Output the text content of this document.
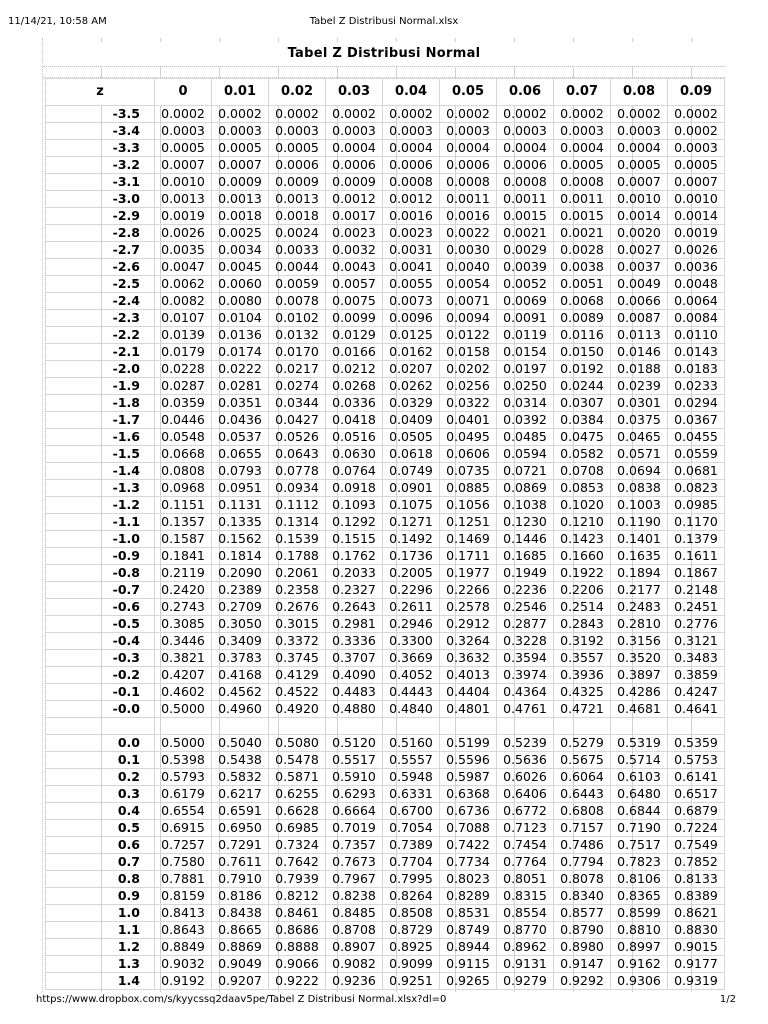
11/14/21, 10:58 AM	Tabel Z Distribusi Normal.xlsx
Tabel Z Distribusi Normal
z	0	0.01	0.02	0.03	0.04	0.05	0.06	0.07	0.08	0.09
-3.5	0.0002	0.0002	0.0002	0.0002	0.0002	0.0002	0.0002	0.0002	0.0002	0.0002
-3.4	0.0003	0.0003	0.0003	0.0003	0.0003	0.0003	0.0003	0.0003	0.0003	0.0002
-3.3	0.0005	0.0005	0.0005	0.0004	0.0004	0.0004	0.0004	0.0004	0.0004	0.0003
-3.2	0.0007	0.0007	0.0006	0.0006	0.0006	0.0006	0.0006	0.0005	0.0005	0.0005
-3.1	0.0010	0.0009	0.0009	0.0009	0.0008	0.0008	0.0008	0.0008	0.0007	0.0007
-3.0	0.0013	0.0013	0.0013	0.0012	0.0012	0.0011	0.0011	0.0011	0.0010	0.0010
-2.9	0.0019	0.0018	0.0018	0.0017	0.0016	0.0016	0.0015	0.0015	0.0014	0.0014
-2.8	0.0026	0.0025	0.0024	0.0023	0.0023	0.0022	0.0021	0.0021	0.0020	0.0019
-2.7	0.0035	0.0034	0.0033	0.0032	0.0031	0.0030	0.0029	0.0028	0.0027	0.0026
-2.6	0.0047	0.0045	0.0044	0.0043	0.0041	0.0040	0.0039	0.0038	0.0037	0.0036
-2.5	0.0062	0.0060	0.0059	0.0057	0.0055	0.0054	0.0052	0.0051	0.0049	0.0048
-2.4	0.0082	0.0080	0.0078	0.0075	0.0073	0.0071	0.0069	0.0068	0.0066	0.0064
-2.3	0.0107	0.0104	0.0102	0.0099	0.0096	0.0094	0.0091	0.0089	0.0087	0.0084
-2.2	0.0139	0.0136	0.0132	0.0129	0.0125	0.0122	0.0119	0.0116	0.0113	0.0110
-2.1	0.0179	0.0174	0.0170	0.0166	0.0162	0.0158	0.0154	0.0150	0.0146	0.0143
-2.0	0.0228	0.0222	0.0217	0.0212	0.0207	0.0202	0.0197	0.0192	0.0188	0.0183
-1.9	0.0287	0.0281	0.0274	0.0268	0.0262	0.0256	0.0250	0.0244	0.0239	0.0233
-1.8	0.0359	0.0351	0.0344	0.0336	0.0329	0.0322	0.0314	0.0307	0.0301	0.0294
-1.7	0.0446	0.0436	0.0427	0.0418	0.0409	0.0401	0.0392	0.0384	0.0375	0.0367
-1.6	0.0548	0.0537	0.0526	0.0516	0.0505	0.0495	0.0485	0.0475	0.0465	0.0455
-1.5	0.0668	0.0655	0.0643	0.0630	0.0618	0.0606	0.0594	0.0582	0.0571	0.0559
-1.4	0.0808	0.0793	0.0778	0.0764	0.0749	0.0735	0.0721	0.0708	0.0694	0.0681
-1.3	0.0968	0.0951	0.0934	0.0918	0.0901	0.0885	0.0869	0.0853	0.0838	0.0823
-1.2	0.1151	0.1131	0.1112	0.1093	0.1075	0.1056	0.1038	0.1020	0.1003	0.0985
-1.1	0.1357	0.1335	0.1314	0.1292	0.1271	0.1251	0.1230	0.1210	0.1190	0.1170
-1.0	0.1587	0.1562	0.1539	0.1515	0.1492	0.1469	0.1446	0.1423	0.1401	0.1379
-0.9	0.1841	0.1814	0.1788	0.1762	0.1736	0.1711	0.1685	0.1660	0.1635	0.1611
-0.8	0.2119	0.2090	0.2061	0.2033	0.2005	0.1977	0.1949	0.1922	0.1894	0.1867
-0.7	0.2420	0.2389	0.2358	0.2327	0.2296	0.2266	0.2236	0.2206	0.2177	0.2148
-0.6	0.2743	0.2709	0.2676	0.2643	0.2611	0.2578	0.2546	0.2514	0.2483	0.2451
-0.5	0.3085	0.3050	0.3015	0.2981	0.2946	0.2912	0.2877	0.2843	0.2810	0.2776
-0.4	0.3446	0.3409	0.3372	0.3336	0.3300	0.3264	0.3228	0.3192	0.3156	0.3121
-0.3	0.3821	0.3783	0.3745	0.3707	0.3669	0.3632	0.3594	0.3557	0.3520	0.3483
-0.2	0.4207	0.4168	0.4129	0.4090	0.4052	0.4013	0.3974	0.3936	0.3897	0.3859
-0.1	0.4602	0.4562	0.4522	0.4483	0.4443	0.4404	0.4364	0.4325	0.4286	0.4247
-0.0	0.5000	0.4960	0.4920	0.4880	0.4840	0.4801	0.4761	0.4721	0.4681	0.4641

0.0	0.5000	0.5040	0.5080	0.5120	0.5160	0.5199	0.5239	0.5279	0.5319	0.5359
0.1	0.5398	0.5438	0.5478	0.5517	0.5557	0.5596	0.5636	0.5675	0.5714	0.5753
0.2	0.5793	0.5832	0.5871	0.5910	0.5948	0.5987	0.6026	0.6064	0.6103	0.6141
0.3	0.6179	0.6217	0.6255	0.6293	0.6331	0.6368	0.6406	0.6443	0.6480	0.6517
0.4	0.6554	0.6591	0.6628	0.6664	0.6700	0.6736	0.6772	0.6808	0.6844	0.6879
0.5	0.6915	0.6950	0.6985	0.7019	0.7054	0.7088	0.7123	0.7157	0.7190	0.7224
0.6	0.7257	0.7291	0.7324	0.7357	0.7389	0.7422	0.7454	0.7486	0.7517	0.7549
0.7	0.7580	0.7611	0.7642	0.7673	0.7704	0.7734	0.7764	0.7794	0.7823	0.7852
0.8	0.7881	0.7910	0.7939	0.7967	0.7995	0.8023	0.8051	0.8078	0.8106	0.8133
0.9	0.8159	0.8186	0.8212	0.8238	0.8264	0.8289	0.8315	0.8340	0.8365	0.8389
1.0	0.8413	0.8438	0.8461	0.8485	0.8508	0.8531	0.8554	0.8577	0.8599	0.8621
1.1	0.8643	0.8665	0.8686	0.8708	0.8729	0.8749	0.8770	0.8790	0.8810	0.8830
1.2	0.8849	0.8869	0.8888	0.8907	0.8925	0.8944	0.8962	0.8980	0.8997	0.9015
1.3	0.9032	0.9049	0.9066	0.9082	0.9099	0.9115	0.9131	0.9147	0.9162	0.9177
1.4	0.9192	0.9207	0.9222	0.9236	0.9251	0.9265	0.9279	0.9292	0.9306	0.9319
https://www.dropbox.com/s/kyycssq2daav5pe/Tabel Z Distribusi Normal.xlsx?dl=0	1/2
